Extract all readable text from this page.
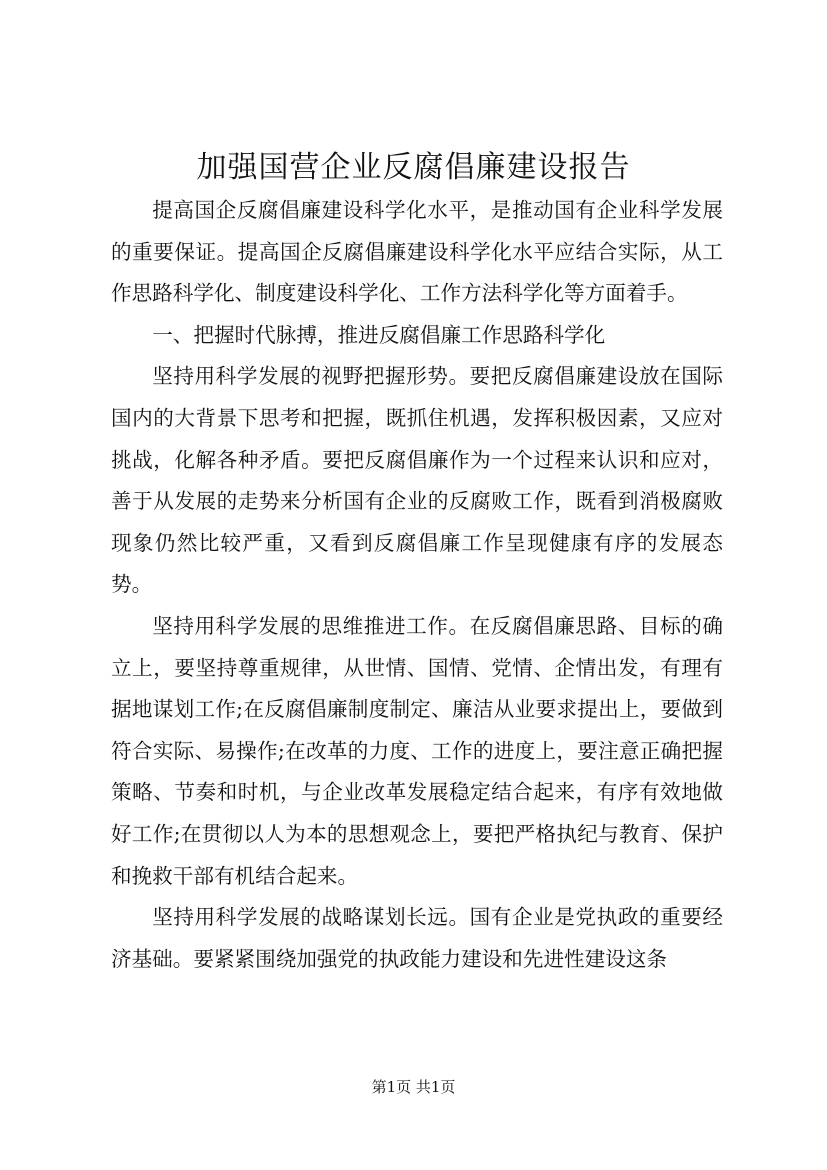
加强国营企业反腐倡廉建设报告

提高国企反腐倡廉建设科学化水平，是推动国有企业科学发展的重要保证。提高国企反腐倡廉建设科学化水平应结合实际，从工作思路科学化、制度建设科学化、工作方法科学化等方面着手。

一、把握时代脉搏，推进反腐倡廉工作思路科学化

坚持用科学发展的视野把握形势。要把反腐倡廉建设放在国际国内的大背景下思考和把握，既抓住机遇，发挥积极因素，又应对挑战，化解各种矛盾。要把反腐倡廉作为一个过程来认识和应对，善于从发展的走势来分析国有企业的反腐败工作，既看到消极腐败现象仍然比较严重，又看到反腐倡廉工作呈现健康有序的发展态势。

坚持用科学发展的思维推进工作。在反腐倡廉思路、目标的确立上，要坚持尊重规律，从世情、国情、党情、企情出发，有理有据地谋划工作;在反腐倡廉制度制定、廉洁从业要求提出上，要做到符合实际、易操作;在改革的力度、工作的进度上，要注意正确把握策略、节奏和时机，与企业改革发展稳定结合起来，有序有效地做好工作;在贯彻以人为本的思想观念上，要把严格执纪与教育、保护和挽救干部有机结合起来。

坚持用科学发展的战略谋划长远。国有企业是党执政的重要经济基础。要紧紧围绕加强党的执政能力建设和先进性建设这条

第1页 共1页
